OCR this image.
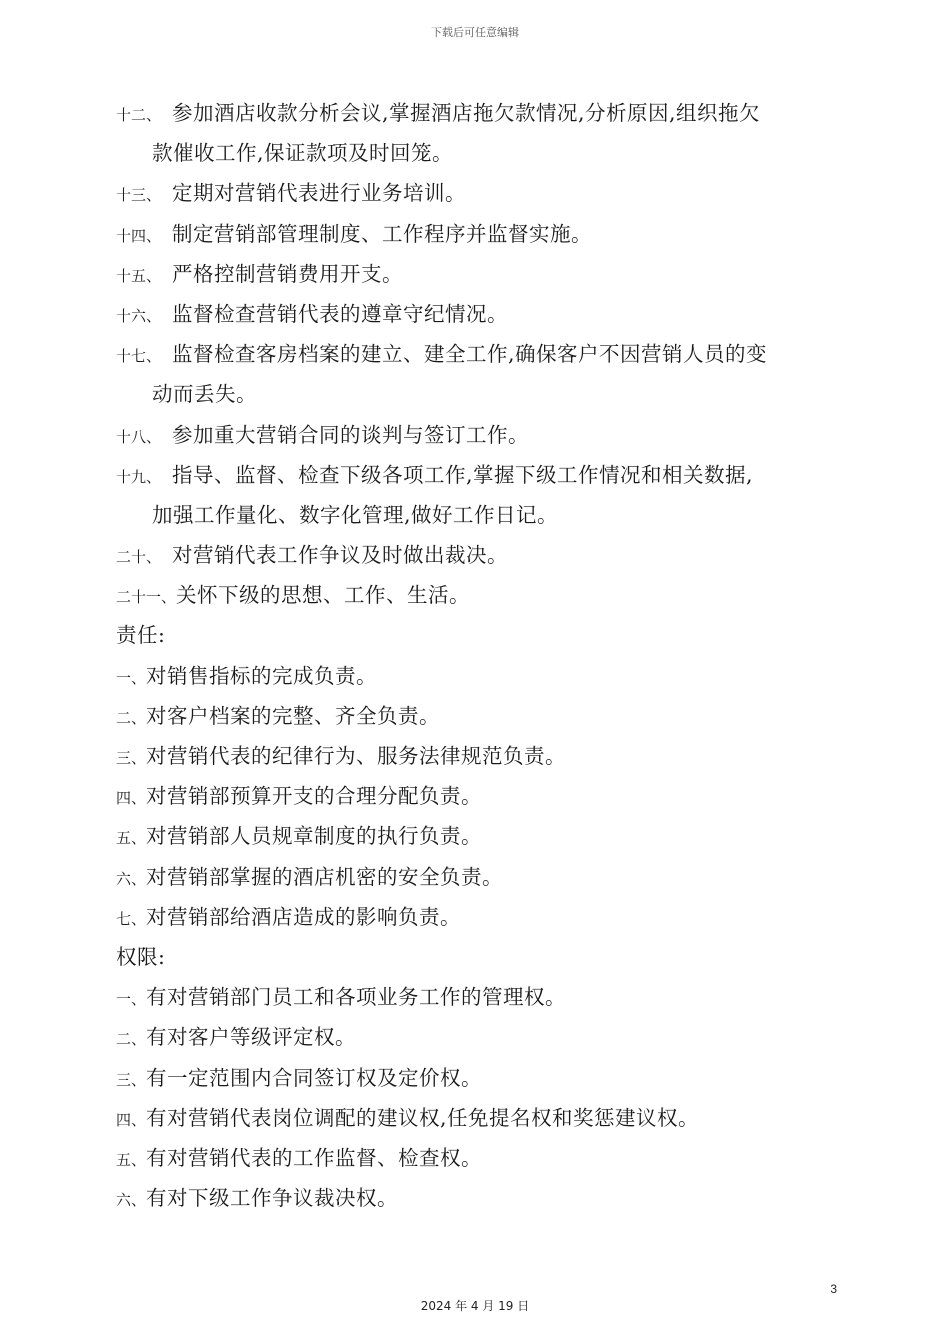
下载后可任意编辑
十二、 参加酒店收款分析会议,掌握酒店拖欠款情况,分析原因,组织拖欠
款催收工作,保证款项及时回笼。
十三、 定期对营销代表进行业务培训。
十四、 制定营销部管理制度、工作程序并监督实施。
十五、 严格控制营销费用开支。
十六、 监督检查营销代表的遵章守纪情况。
十七、 监督检查客房档案的建立、建全工作,确保客户不因营销人员的变
动而丢失。
十八、 参加重大营销合同的谈判与签订工作。
十九、 指导、监督、检查下级各项工作,掌握下级工作情况和相关数据,
加强工作量化、数字化管理,做好工作日记。
二十、 对营销代表工作争议及时做出裁决。
二十一、关怀下级的思想、工作、生活。
责任:
一、对销售指标的完成负责。
二、对客户档案的完整、齐全负责。
三、对营销代表的纪律行为、服务法律规范负责。
四、对营销部预算开支的合理分配负责。
五、对营销部人员规章制度的执行负责。
六、对营销部掌握的酒店机密的安全负责。
七、对营销部给酒店造成的影响负责。
权限:
一、有对营销部门员工和各项业务工作的管理权。
二、有对客户等级评定权。
三、有一定范围内合同签订权及定价权。
四、有对营销代表岗位调配的建议权,任免提名权和奖惩建议权。
五、有对营销代表的工作监督、检查权。
六、有对下级工作争议裁决权。
3
2024 年 4 月 19 日
